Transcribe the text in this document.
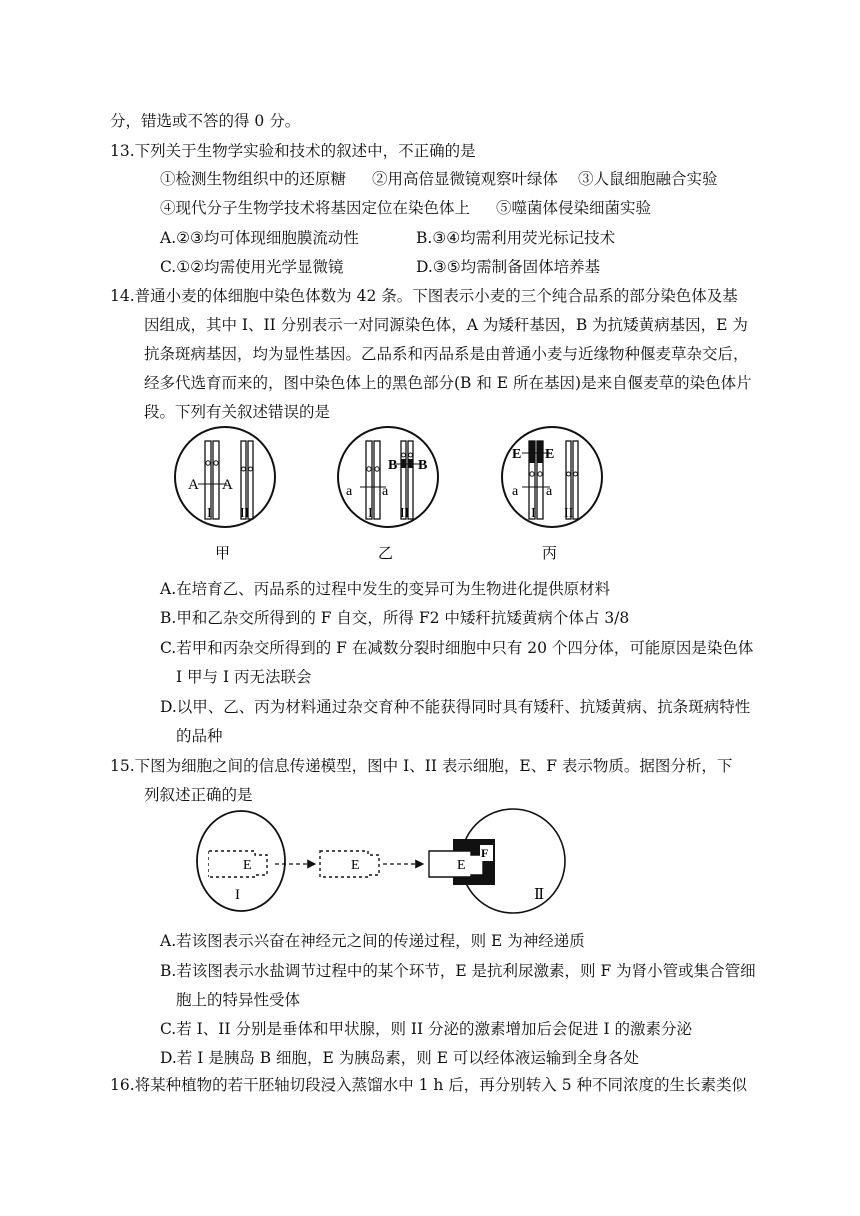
分，错选或不答的得 0 分。
13.下列关于生物学实验和技术的叙述中，不正确的是
①检测生物组织中的还原糖 ②用高倍显微镜观察叶绿体 ③人鼠细胞融合实验
④现代分子生物学技术将基因定位在染色体上 ⑤噬菌体侵染细菌实验
A.②③均可体现细胞膜流动性	B.③④均需利用荧光标记技术
C.①②均需使用光学显微镜	D.③⑤均需制备固体培养基
14.普通小麦的体细胞中染色体数为 42 条。下图表示小麦的三个纯合品系的部分染色体及基
因组成，其中 I、II 分别表示一对同源染色体，A 为矮秆基因，B 为抗矮黄病基因，E 为
抗条斑病基因，均为显性基因。乙品系和丙品系是由普通小麦与近缘物种偃麦草杂交后，
经多代选育而来的，图中染色体上的黑色部分(B 和 E 所在基因)是来自偃麦草的染色体片
段。下列有关叙述错误的是
A A
I II
甲
a a
B B
I II
乙
E E
a a
I II
丙
A.在培育乙、丙品系的过程中发生的变异可为生物进化提供原材料
B.甲和乙杂交所得到的 F 自交，所得 F2 中矮秆抗矮黄病个体占 3/8
C.若甲和丙杂交所得到的 F 在减数分裂时细胞中只有 20 个四分体，可能原因是染色体
I 甲与 I 丙无法联会
D.以甲、乙、丙为材料通过杂交育种不能获得同时具有矮秆、抗矮黄病、抗条斑病特性
的品种
15.下图为细胞之间的信息传递模型，图中 I、II 表示细胞，E、F 表示物质。据图分析，下
列叙述正确的是
E
I
E	E
F
Ⅱ
A.若该图表示兴奋在神经元之间的传递过程，则 E 为神经递质
B.若该图表示水盐调节过程中的某个环节，E 是抗利尿激素，则 F 为肾小管或集合管细
胞上的特异性受体
C.若 I、II 分别是垂体和甲状腺，则 II 分泌的激素增加后会促进 I 的激素分泌
D.若 I 是胰岛 B 细胞，E 为胰岛素，则 E 可以经体液运输到全身各处
16.将某种植物的若干胚轴切段浸入蒸馏水中 1 h 后，再分别转入 5 种不同浓度的生长素类似
